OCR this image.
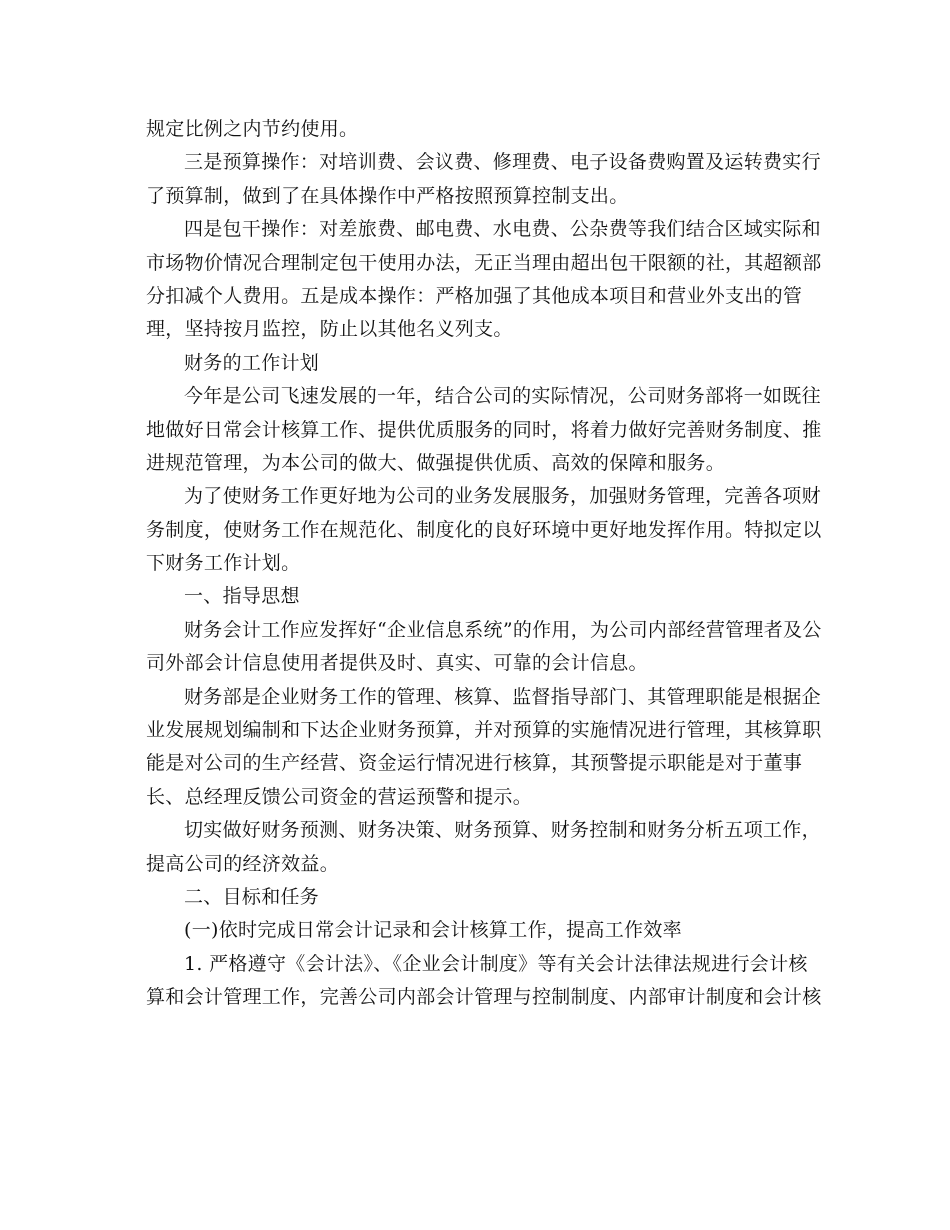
规定比例之内节约使用。
三是预算操作：对培训费、会议费、修理费、电子设备费购置及运转费实行
了预算制，做到了在具体操作中严格按照预算控制支出。
四是包干操作：对差旅费、邮电费、水电费、公杂费等我们结合区域实际和
市场物价情况合理制定包干使用办法，无正当理由超出包干限额的社，其超额部
分扣减个人费用。五是成本操作：严格加强了其他成本项目和营业外支出的管
理，坚持按月监控，防止以其他名义列支。
财务的工作计划
今年是公司飞速发展的一年，结合公司的实际情况，公司财务部将一如既往
地做好日常会计核算工作、提供优质服务的同时，将着力做好完善财务制度、推
进规范管理，为本公司的做大、做强提供优质、高效的保障和服务。
为了使财务工作更好地为公司的业务发展服务，加强财务管理，完善各项财
务制度，使财务工作在规范化、制度化的良好环境中更好地发挥作用。特拟定以
下财务工作计划。
一、指导思想
财务会计工作应发挥好“企业信息系统”的作用，为公司内部经营管理者及公
司外部会计信息使用者提供及时、真实、可靠的会计信息。
财务部是企业财务工作的管理、核算、监督指导部门、其管理职能是根据企
业发展规划编制和下达企业财务预算，并对预算的实施情况进行管理，其核算职
能是对公司的生产经营、资金运行情况进行核算，其预警提示职能是对于董事
长、总经理反馈公司资金的营运预警和提示。
切实做好财务预测、财务决策、财务预算、财务控制和财务分析五项工作，
提高公司的经济效益。
二、目标和任务
(一)依时完成日常会计记录和会计核算工作，提高工作效率
1. 严格遵守《会计法》、《企业会计制度》等有关会计法律法规进行会计核
算和会计管理工作，完善公司内部会计管理与控制制度、内部审计制度和会计核
